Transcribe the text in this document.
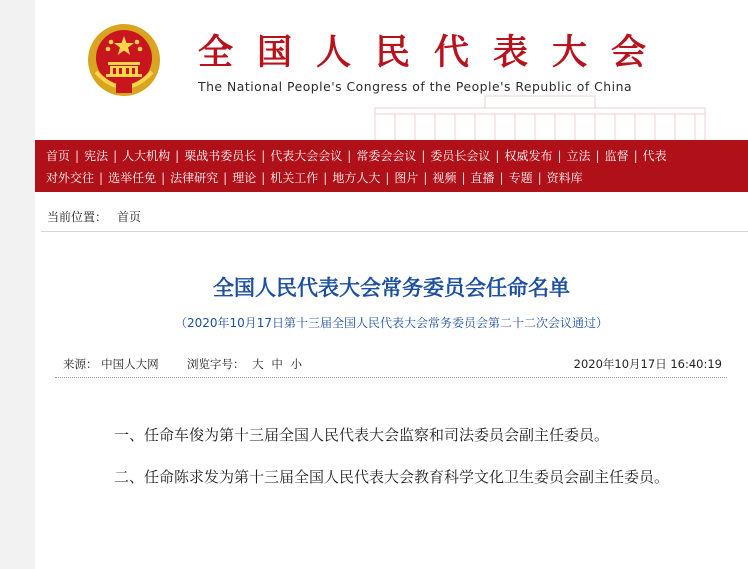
全国人民代表大会
The National People's Congress of the People's Republic of China
首页 | 宪法 | 人大机构 | 栗战书委员长 | 代表大会会议 | 常委会会议 | 委员长会议 | 权威发布 | 立法 | 监督 | 代表
对外交往 | 选举任免 | 法律研究 | 理论 | 机关工作 | 地方人大 | 图片 | 视频 | 直播 | 专题 | 资料库
当前位置： 首页
全国人民代表大会常务委员会任命名单
（2020年10月17日第十三届全国人民代表大会常务委员会第二十二次会议通过）
来源： 中国人大网 浏览字号： 大 中 小	2020年10月17日 16:40:19
一、任命车俊为第十三届全国人民代表大会监察和司法委员会副主任委员。
二、任命陈求发为第十三届全国人民代表大会教育科学文化卫生委员会副主任委员。
